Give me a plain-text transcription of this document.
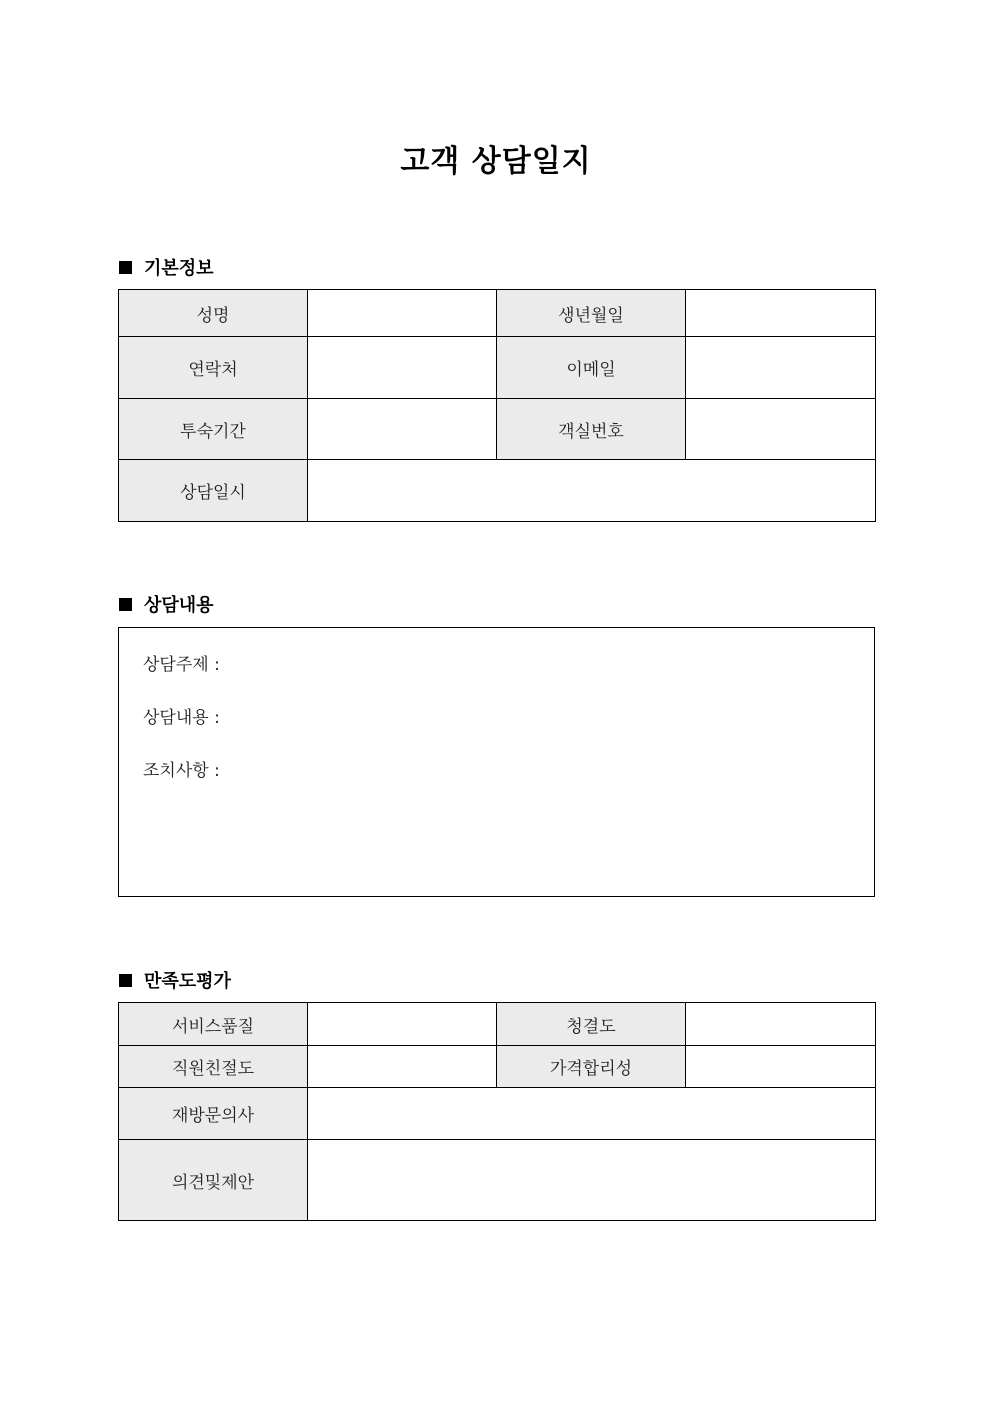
고객 상담일지
기본정보
성명		생년월일	
연락처		이메일	
투숙기간		객실번호	
상담일시			
상담내용
상담주제 :
상담내용 :
조치사항 :
만족도평가
서비스품질		청결도	
직원친절도		가격합리성	
재방문의사			
의견및제안			
